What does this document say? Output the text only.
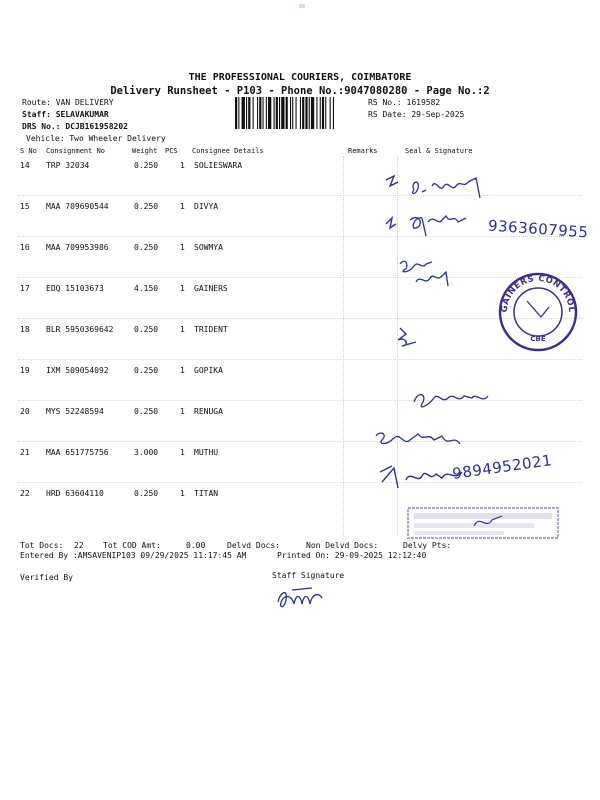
THE PROFESSIONAL COURIERS, COIMBATORE
Delivery Runsheet - P103 - Phone No.:9047080280 - Page No.:2
Route: VAN DELIVERY
Staff: SELAVAKUMAR
DRS No.: DCJB161958202
Vehicle: Two Wheeler Delivery
RS No.: 1619582
RS Date: 29-Sep-2025
S No Consignment No	Weight PCS Consignee Details	Remarks	Seal & Signature
14 TRP 32034	0.250	1 SOLIESWARA
15 MAA 709690544	0.250	1 DIVYA
16 MAA 709953986	0.250	1 SOWMYA
17 EDQ 15103673	4.150	1 GAINERS
18 BLR 5950369642	0.250	1 TRIDENT
19 IXM 509054092	0.250	1 GOPIKA
20 MYS 52248594	0.250	1 RENUGA
21 MAA 651775756	3.000	1 MUTHU
22 HRD 63604110	0.250	1 TITAN
9363607955
9894952021
GAINERS CONTROL
CBE
Tot Docs: 22 Tot COD Amt:	0.00	Delvd Docs:	Non Delvd Docs:	Delvy Pts:
Entered By :AMSAVENIP103 09/29/2025 11:17:45 AM	Printed On: 29-09-2025 12:12:40
Verified By	Staff Signature
